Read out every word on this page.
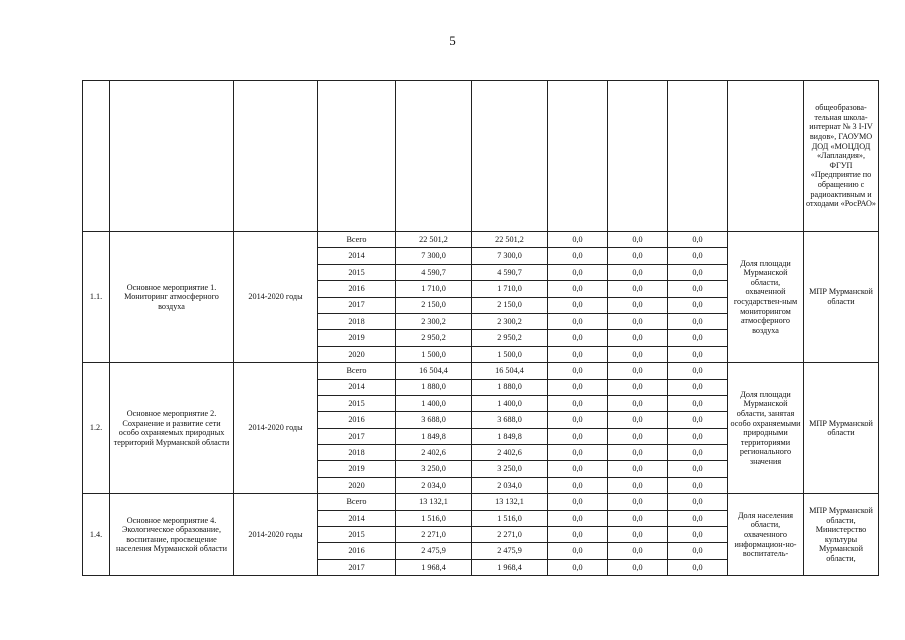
5
										общеобразова-тельная школа-интернат № 3 I-IV видов», ГАОУМО ДОД «МОЦДОД «Лапландия», ФГУП «Предприятие по обращению с радиоактивным и отходами «РосРАО»
1.1.	Основное мероприятие 1. Мониторинг атмосферного воздуха	2014-2020 годы	Всего	22 501,2	22 501,2	0,0	0,0	0,0	Доля площади Мурманской области, охваченной государствен-ным мониторингом атмосферного воздуха	МПР Мурманской области
			2014	7 300,0	7 300,0	0,0	0,0	0,0		
			2015	4 590,7	4 590,7	0,0	0,0	0,0		
			2016	1 710,0	1 710,0	0,0	0,0	0,0		
			2017	2 150,0	2 150,0	0,0	0,0	0,0		
			2018	2 300,2	2 300,2	0,0	0,0	0,0		
			2019	2 950,2	2 950,2	0,0	0,0	0,0		
			2020	1 500,0	1 500,0	0,0	0,0	0,0		
1.2.	Основное мероприятие 2. Сохранение и развитие сети особо охраняемых природных территорий Мурманской области	2014-2020 годы	Всего	16 504,4	16 504,4	0,0	0,0	0,0	Доля площади Мурманской области, занятая особо охраняемыми природными территориями регионального значения	МПР Мурманской области
			2014	1 880,0	1 880,0	0,0	0,0	0,0		
			2015	1 400,0	1 400,0	0,0	0,0	0,0		
			2016	3 688,0	3 688,0	0,0	0,0	0,0		
			2017	1 849,8	1 849,8	0,0	0,0	0,0		
			2018	2 402,6	2 402,6	0,0	0,0	0,0		
			2019	3 250,0	3 250,0	0,0	0,0	0,0		
			2020	2 034,0	2 034,0	0,0	0,0	0,0		
1.4.	Основное мероприятие 4. Экологическое образование, воспитание, просвещение населения Мурманской области	2014-2020 годы	Всего	13 132,1	13 132,1	0,0	0,0	0,0	Доля населения области, охваченного информацион-но-воспитатель-	МПР Мурманской области, Министерство культуры Мурманской области,
			2014	1 516,0	1 516,0	0,0	0,0	0,0		
			2015	2 271,0	2 271,0	0,0	0,0	0,0		
			2016	2 475,9	2 475,9	0,0	0,0	0,0		
			2017	1 968,4	1 968,4	0,0	0,0	0,0		
